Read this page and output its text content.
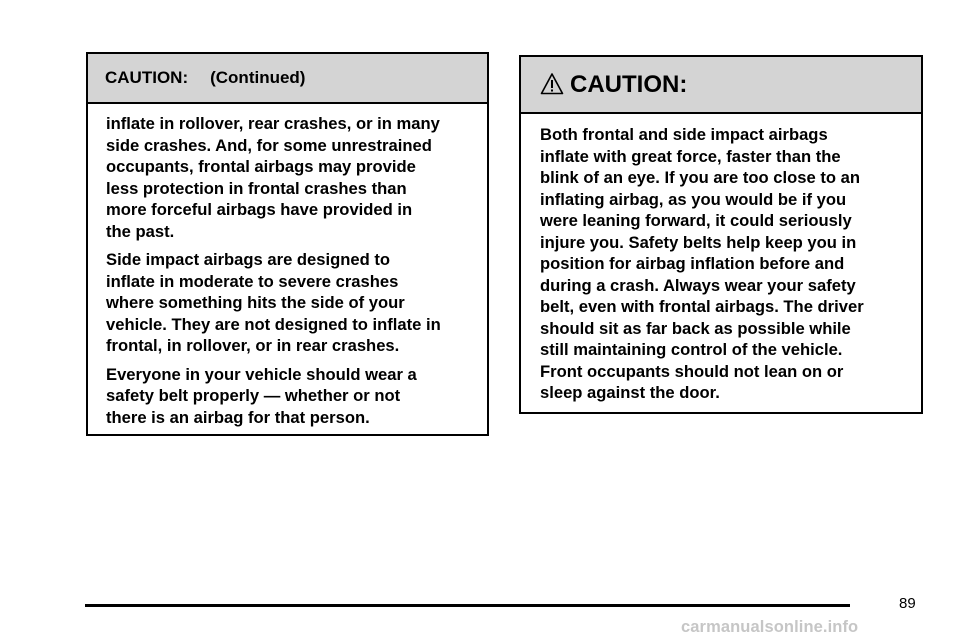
CAUTION: (Continued)

inflate in rollover, rear crashes, or in many
side crashes. And, for some unrestrained
occupants, frontal airbags may provide
less protection in frontal crashes than
more forceful airbags have provided in
the past.

Side impact airbags are designed to
inflate in moderate to severe crashes
where something hits the side of your
vehicle. They are not designed to inflate in
frontal, in rollover, or in rear crashes.

Everyone in your vehicle should wear a
safety belt properly — whether or not
there is an airbag for that person.

CAUTION:

Both frontal and side impact airbags
inflate with great force, faster than the
blink of an eye. If you are too close to an
inflating airbag, as you would be if you
were leaning forward, it could seriously
injure you. Safety belts help keep you in
position for airbag inflation before and
during a crash. Always wear your safety
belt, even with frontal airbags. The driver
should sit as far back as possible while
still maintaining control of the vehicle.
Front occupants should not lean on or
sleep against the door.

89
carmanualsonline.info
